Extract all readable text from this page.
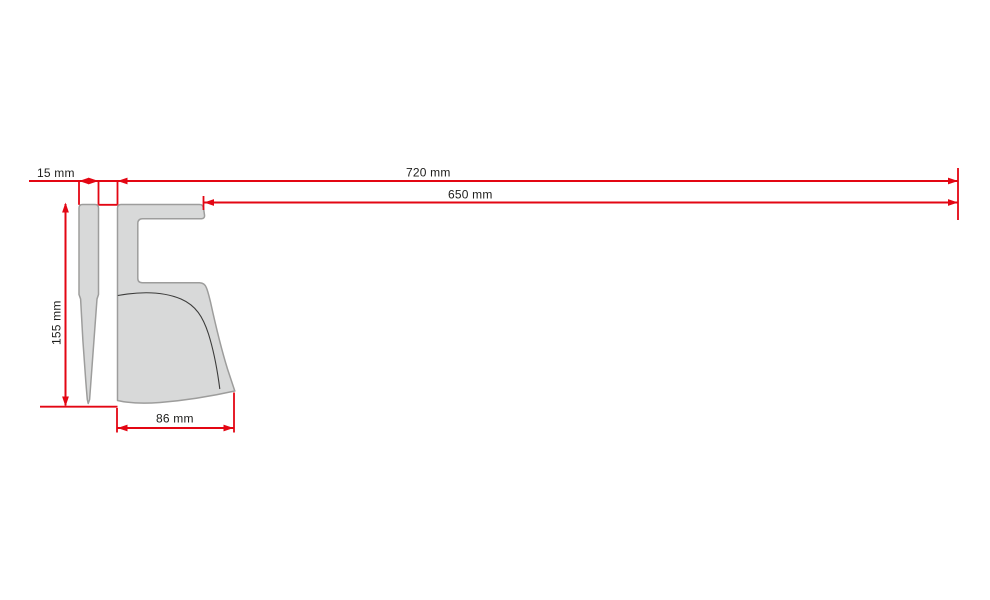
15 mm	720 mm
650 mm
155 mm
86 mm
